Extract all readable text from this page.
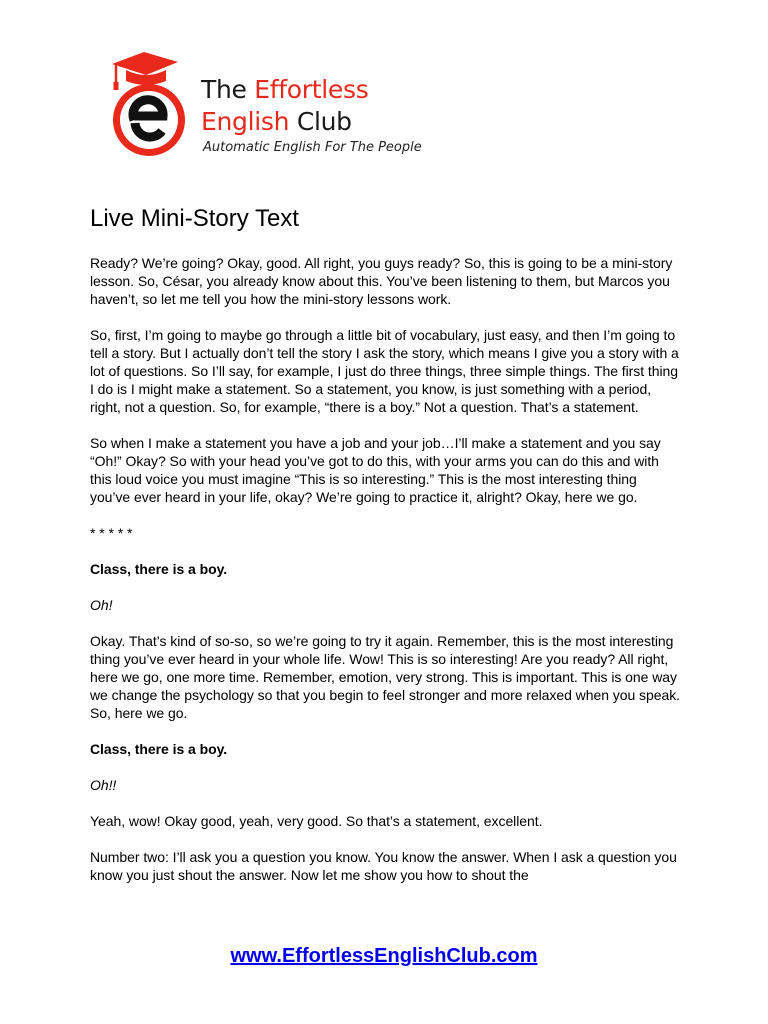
The Effortless
English Club
Automatic English For The People
Live Mini-Story Text

Ready? We’re going? Okay, good. All right, you guys ready? So, this is going to be a mini-story lesson. So, César, you already know about this. You’ve been listening to them, but Marcos you haven’t, so let me tell you how the mini-story lessons work.

So, first, I’m going to maybe go through a little bit of vocabulary, just easy, and then I’m going to tell a story. But I actually don’t tell the story I ask the story, which means I give you a story with a lot of questions. So I’ll say, for example, I just do three things, three simple things. The first thing I do is I might make a statement. So a statement, you know, is just something with a period, right, not a question. So, for example, “there is a boy.” Not a question. That’s a statement.

So when I make a statement you have a job and your job…I’ll make a statement and you say “Oh!” Okay? So with your head you’ve got to do this, with your arms you can do this and with this loud voice you must imagine “This is so interesting.” This is the most interesting thing you’ve ever heard in your life, okay? We’re going to practice it, alright? Okay, here we go.

* * * * *

Class, there is a boy.

Oh!

Okay. That’s kind of so-so, so we’re going to try it again. Remember, this is the most interesting thing you’ve ever heard in your whole life. Wow! This is so interesting! Are you ready? All right, here we go, one more time. Remember, emotion, very strong. This is important. This is one way we change the psychology so that you begin to feel stronger and more relaxed when you speak. So, here we go.

Class, there is a boy.

Oh!!

Yeah, wow! Okay good, yeah, very good. So that’s a statement, excellent.

Number two: I’ll ask you a question you know. You know the answer. When I ask a question you know you just shout the answer. Now let me show you how to shout the

www.EffortlessEnglishClub.com
